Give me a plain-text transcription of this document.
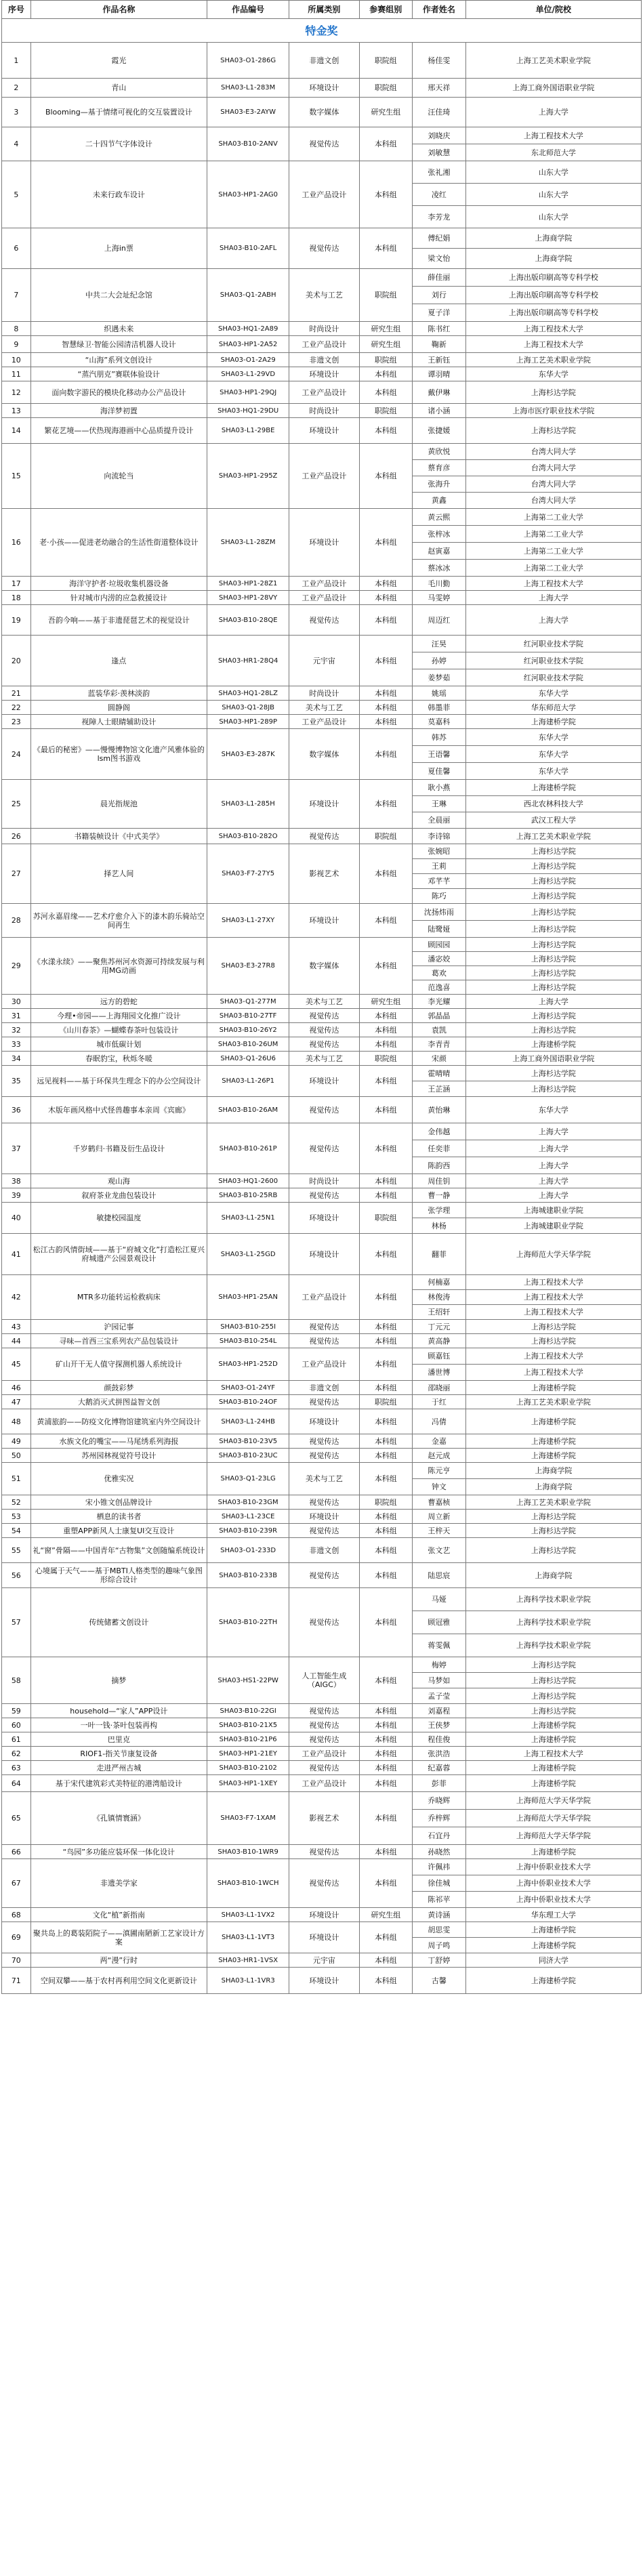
序号	作品名称	作品编号	所属类别	参赛组别	作者姓名	单位/院校
特金奖						
1	霞光	SHA03-O1-286G	非遗文创	职院组	杨佳雯	上海工艺美术职业学院
2	青山	SHA03-L1-283M	环境设计	职院组	邢天祥	上海工商外国语职业学院
3	Blooming—基于情绪可视化的交互装置设计	SHA03-E3-2AYW	数字媒体	研究生组	汪佳琦	上海大学
4	二十四节气字体设计	SHA03-B10-2ANV	视觉传达	本科组	刘晓庆	上海工程技术大学
					刘敏慧	东北师范大学
5	未来行政车设计	SHA03-HP1-2AG0	工业产品设计	本科组	张礼湘	山东大学
					凌红	山东大学
					李芳龙	山东大学
6	上海in票	SHA03-B10-2AFL	视觉传达	本科组	傅纪娟	上海商学院
					梁文怡	上海商学院
7	中共二大会址纪念馆	SHA03-Q1-2ABH	美术与工艺	职院组	薛佳丽	上海出版印刷高等专科学校
					刘行	上海出版印刷高等专科学校
					夏子洋	上海出版印刷高等专科学校
8	织遇未来	SHA03-HQ1-2A89	时尚设计	研究生组	陈书红	上海工程技术大学
9	智慧绿卫·智能公园清洁机器人设计	SHA03-HP1-2A52	工业产品设计	研究生组	鞠新	上海工程技术大学
10	“山海”系列文创设计	SHA03-O1-2A29	非遗文创	职院组	王新钰	上海工艺美术职业学院
11	“蒸汽朋克”赛联体验设计	SHA03-L1-29VD	环境设计	本科组	谭羽晴	东华大学
12	面向数字游民的模块化移动办公产品设计	SHA03-HP1-29QJ	工业产品设计	本科组	戴伊琳	上海杉达学院
13	海洋梦初置	SHA03-HQ1-29DU	时尚设计	职院组	诸小涵	上海市医疗职业技术学院
14	繁花艺境——伏热现海港画中心品质提升设计	SHA03-L1-29BE	环境设计	本科组	张捷媛	上海杉达学院
15	向流轮当	SHA03-HP1-295Z	工业产品设计	本科组	黄欣悦	台湾大同大学
					蔡育彦	台湾大同大学
					张海升	台湾大同大学
					黄鑫	台湾大同大学
16	老·小孩——促进老幼融合的生活性街道整体设计	SHA03-L1-28ZM	环境设计	本科组	黄云熙	上海第二工业大学
					张梓冰	上海第二工业大学
					赵寅嘉	上海第二工业大学
					蔡冰冰	上海第二工业大学
17	海洋守护者·垃圾收集机器设备	SHA03-HP1-28Z1	工业产品设计	本科组	毛川勤	上海工程技术大学
18	针对城市内涝的应急救援设计	SHA03-HP1-28VY	工业产品设计	本科组	马雯婷	上海大学
19	吾韵今响——基于非遗琵琶艺术的视觉设计	SHA03-B10-28QE	视觉传达	本科组	周迈红	上海大学
20	逢点	SHA03-HR1-28Q4	元宇宙	本科组	汪昊	红河职业技术学院
					孙婷	红河职业技术学院
					姜梦茹	红河职业技术学院
21	蓝装华彩·羡林淡韵	SHA03-HQ1-28LZ	时尚设计	本科组	姚瑶	东华大学
22	圆静阁	SHA03-Q1-28JB	美术与工艺	本科组	韩墨菲	华东师范大学
23	视障人士眼睛辅助设计	SHA03-HP1-289P	工业产品设计	本科组	莫嘉科	上海建桥学院
24	《最后的秘密》——慢慢博物馆文化遗产风雅体验的lsm图书游戏	SHA03-E3-287K	数字媒体	本科组	韩苏	东华大学
					王语馨	东华大学
					夏佳馨	东华大学
25	晨光指规池	SHA03-L1-285H	环境设计	本科组	耿小燕	上海建桥学院
					王琳	西北农林科技大学
					全晨丽	武汉工程大学
26	书籍装帧设计《中式美学》	SHA03-B10-282O	视觉传达	职院组	李诗锦	上海工艺美术职业学院
27	择艺人间	SHA03-F7-27Y5	影视艺术	本科组	张婉昭	上海杉达学院
					王莉	上海杉达学院
					邓芊芊	上海杉达学院
					陈巧	上海杉达学院
28	苏河永嘉眉缘——艺术疗愈介入下的漆木韵乐骑站空间再生	SHA03-L1-27XY	环境设计	本科组	沈扬炜雨	上海杉达学院
					陆鹭娅	上海杉达学院
29	《水漾永续》——聚焦苏州河水资源可持续发展与利用MG动画	SHA03-E3-27R8	数字媒体	本科组	顾园园	上海杉达学院
					潘宓姣	上海杉达学院
					葛欢	上海杉达学院
					范逸喜	上海杉达学院
30	远方的碧蛇	SHA03-Q1-277M	美术与工艺	研究生组	李光耀	上海大学
31	今理•帝园——上海翔园文化推广设计	SHA03-B10-27TF	视觉传达	本科组	郭晶晶	上海杉达学院
32	《山川春茶》—蝴蝶春茶叶包装设计	SHA03-B10-26Y2	视觉传达	本科组	袁凯	上海杉达学院
33	城市低碳计划	SHA03-B10-26UM	视觉传达	本科组	李青青	上海建桥学院
34	春眠豹宝，秋烁冬暖	SHA03-Q1-26U6	美术与工艺	职院组	宋颜	上海工商外国语职业学院
35	远见视料——基于环保共生理念下的办公空间设计	SHA03-L1-26P1	环境设计	本科组	霍晴晴	上海杉达学院
					王芷涵	上海杉达学院
36	木版年画风格中式怪兽趣事本亲周《宾廊》	SHA03-B10-26AM	视觉传达	本科组	黄怡琳	东华大学
37	千岁鹤归·书籍及衍生品设计	SHA03-B10-261P	视觉传达	本科组	金伟越	上海大学
					任奕菲	上海大学
					陈韵西	上海大学
38	观山海	SHA03-HQ1-2600	时尚设计	本科组	周佳钥	上海大学
39	叙府茶业龙曲包装设计	SHA03-B10-25RB	视觉传达	本科组	曹一静	上海大学
40	敏捷校园温度	SHA03-L1-25N1	环境设计	职院组	张学理	上海城建职业学院
					林杨	上海城建职业学院
41	松江古韵风情街域——基于“府城文化”打造松江夏兴府城遗产公园景观设计	SHA03-L1-25GD	环境设计	本科组	翻菲	上海师范大学天华学院
42	MTR多功能转运检救病床	SHA03-HP1-25AN	工业产品设计	本科组	何楠嘉	上海工程技术大学
					林俊涛	上海工程技术大学
					王绍轩	上海工程技术大学
43	沪园记事	SHA03-B10-255I	视觉传达	本科组	丁元元	上海杉达学院
44	寻味—首西三宝系列农产品包装设计	SHA03-B10-254L	视觉传达	本科组	黄高静	上海杉达学院
45	矿山开干无人值守探测机器人系统设计	SHA03-HP1-252D	工业产品设计	本科组	顾嘉钰	上海工程技术大学
					潘世博	上海工程技术大学
46	颜鼓彩梦	SHA03-O1-24YF	非遗文创	本科组	邵晓丽	上海建桥学院
47	大鹅消灭式拼图益智文创	SHA03-B10-24OF	视觉传达	职院组	于红	上海工艺美术职业学院
48	黄浦旅韵——防疫文化博物馆建筑室内外空间设计	SHA03-L1-24HB	环境设计	本科组	冯倩	上海建桥学院
49	水族文化的嘴宝——马尾绣系列海报	SHA03-B10-23V5	视觉传达	本科组	金嘉	上海建桥学院
50	苏州园林视觉符号设计	SHA03-B10-23UC	视觉传达	本科组	赵元成	上海建桥学院
51	优雅实况	SHA03-Q1-23LG	美术与工艺	本科组	陈元亨	上海商学院
					钟文	上海商学院
52	宋小锥文创品牌设计	SHA03-B10-23GM	视觉传达	职院组	曹嘉桢	上海工艺美术职业学院
53	栖息的读书者	SHA03-L1-23CE	环境设计	本科组	周立新	上海杉达学院
54	重塑APP新风人士康复UI交互设计	SHA03-B10-239R	视觉传达	本科组	王梓天	上海杉达学院
55	礼“窗”骨隔——中国青年“古物集”文创随编系统设计	SHA03-O1-233D	非遗文创	本科组	张文艺	上海杉达学院
56	心境属于天气——基于MBTI人格类型的趣味气象图形综合设计	SHA03-B10-233B	视觉传达	本科组	陆思宸	上海商学院
57	传统储蓄文创设计	SHA03-B10-22TH	视觉传达	本科组	马娅	上海科学技术职业学院
					顾冠雅	上海科学技术职业学院
					蒋雯佩	上海科学技术职业学院
58	摘梦	SHA03-HS1-22PW	人工智能生成（AIGC）	本科组	梅婷	上海杉达学院
					马梦如	上海杉达学院
					孟子莹	上海杉达学院
59	household—“家人”APP设计	SHA03-B10-22GI	视觉传达	本科组	刘嘉程	上海杉达学院
60	一叶一钱·茶叶包装再构	SHA03-B10-21X5	视觉传达	本科组	王侠梦	上海建桥学院
61	巴里克	SHA03-B10-21P6	视觉传达	本科组	程佳俊	上海建桥学院
62	RIOF1-指关节康复设备	SHA03-HP1-21EY	工业产品设计	本科组	张洪浩	上海工程技术大学
63	走进严州古城	SHA03-B10-2102	视觉传达	本科组	纪嘉蓉	上海建桥学院
64	基于宋代建筑彩式美特征的港湾船设计	SHA03-HP1-1XEY	工业产品设计	本科组	彭菲	上海建桥学院
65	《孔镇情寰涵》	SHA03-F7-1XAM	影视艺术	本科组	乔晓辉	上海师范大学天华学院
					乔梓辉	上海师范大学天华学院
					石宜丹	上海师范大学天华学院
66	“鸟园”多功能应装环保一体化设计	SHA03-B10-1WR9	视觉传达	本科组	孙晓然	上海建桥学院
67	非遗美学家	SHA03-B10-1WCH	视觉传达	本科组	许佩祎	上海中侨职业技术大学
					徐佳城	上海中侨职业技术大学
					陈祁苹	上海中侨职业技术大学
68	文化“植”新指南	SHA03-L1-1VX2	环境设计	研究生组	黄诗涵	华东理工大学
69	聚共岛上的葛装陌院子——滇圃南陋新工艺家设计方案	SHA03-L1-1VT3	环境设计	本科组	胡思雯	上海建桥学院
					周子鸣	上海建桥学院
70	两“漫”行时	SHA03-HR1-1VSX	元宇宙	本科组	丁舒婷	同济大学
71	空间双攀——基于农村再利用空间文化更新设计	SHA03-L1-1VR3	环境设计	本科组	古馨	上海建桥学院
